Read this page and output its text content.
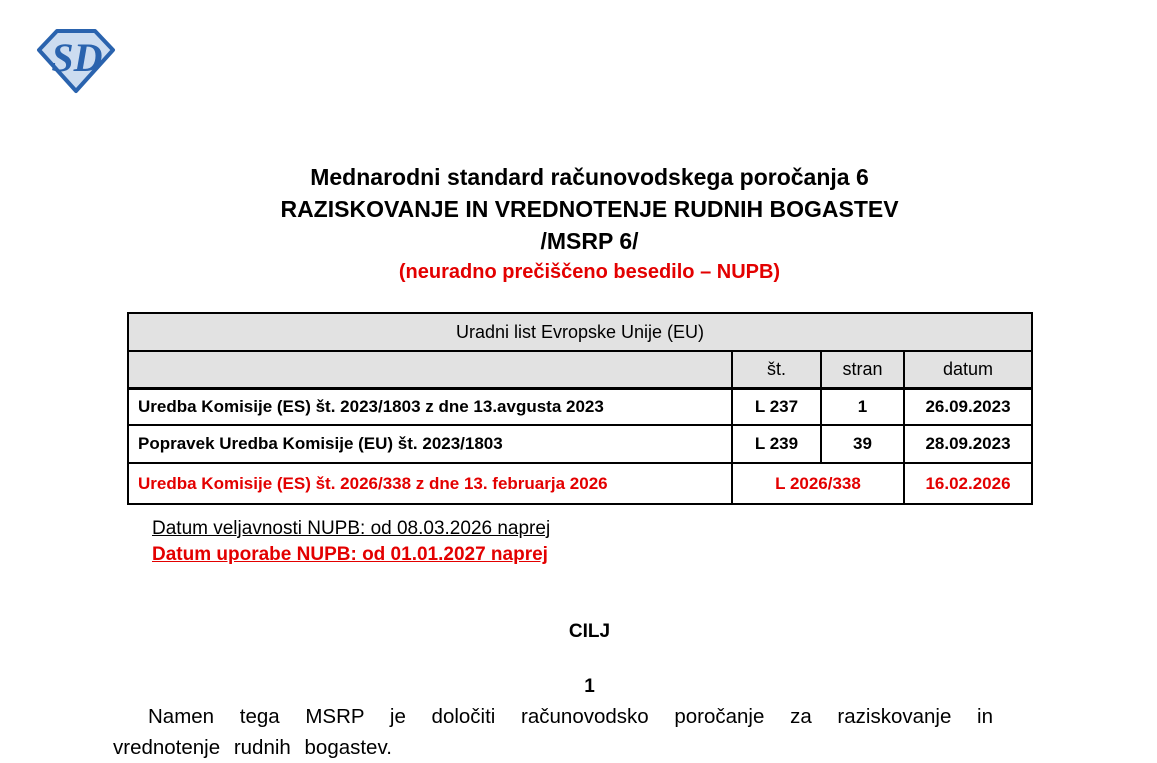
SD
Mednarodni standard računovodskega poročanja 6
RAZISKOVANJE IN VREDNOTENJE RUDNIH BOGASTEV
/MSRP 6/
(neuradno prečiščeno besedilo – NUPB)
Uradni list Evropske Unije (EU)			
	št.	stran	datum
Uredba Komisije (ES) št. 2023/1803 z dne 13.avgusta 2023	L 237	1	26.09.2023
Popravek Uredba Komisije (EU) št. 2023/1803	L 239	39	28.09.2023
Uredba Komisije (ES) št. 2026/338 z dne 13. februarja 2026	L 2026/338		16.02.2026
Datum veljavnosti NUPB: od 08.03.2026 naprej
Datum uporabe NUPB: od 01.01.2027 naprej
CILJ
1
Namen tega MSRP je določiti računovodsko poročanje za raziskovanje in vrednotenje rudnih bogastev.
